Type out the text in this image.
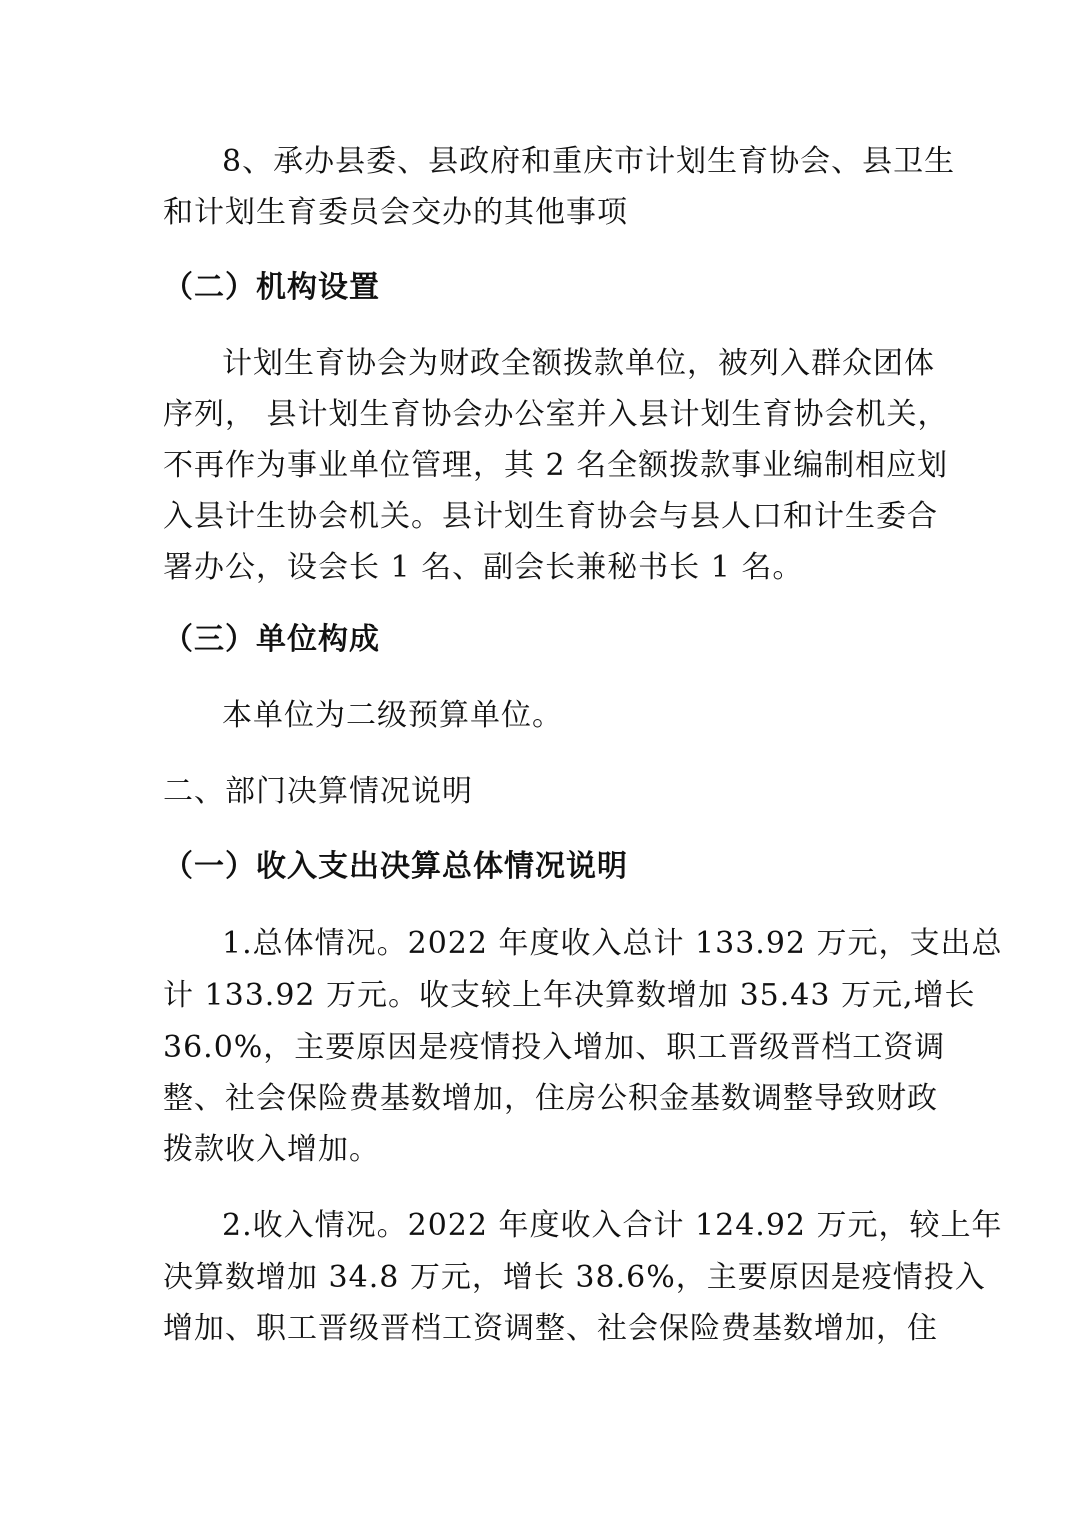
8、承办县委、县政府和重庆市计划生育协会、县卫生
和计划生育委员会交办的其他事项
（二）机构设置
计划生育协会为财政全额拨款单位，被列入群众团体
序列， 县计划生育协会办公室并入县计划生育协会机关，
不再作为事业单位管理，其 2 名全额拨款事业编制相应划
入县计生协会机关。县计划生育协会与县人口和计生委合
署办公，设会长 1 名、副会长兼秘书长 1 名。
（三）单位构成
本单位为二级预算单位。
二、部门决算情况说明
（一）收入支出决算总体情况说明
1.总体情况。2022 年度收入总计 133.92 万元，支出总
计 133.92 万元。收支较上年决算数增加 35.43 万元,增长
36.0%，主要原因是疫情投入增加、职工晋级晋档工资调
整、社会保险费基数增加，住房公积金基数调整导致财政
拨款收入增加。
2.收入情况。2022 年度收入合计 124.92 万元，较上年
决算数增加 34.8 万元，增长 38.6%，主要原因是疫情投入
增加、职工晋级晋档工资调整、社会保险费基数增加，住
